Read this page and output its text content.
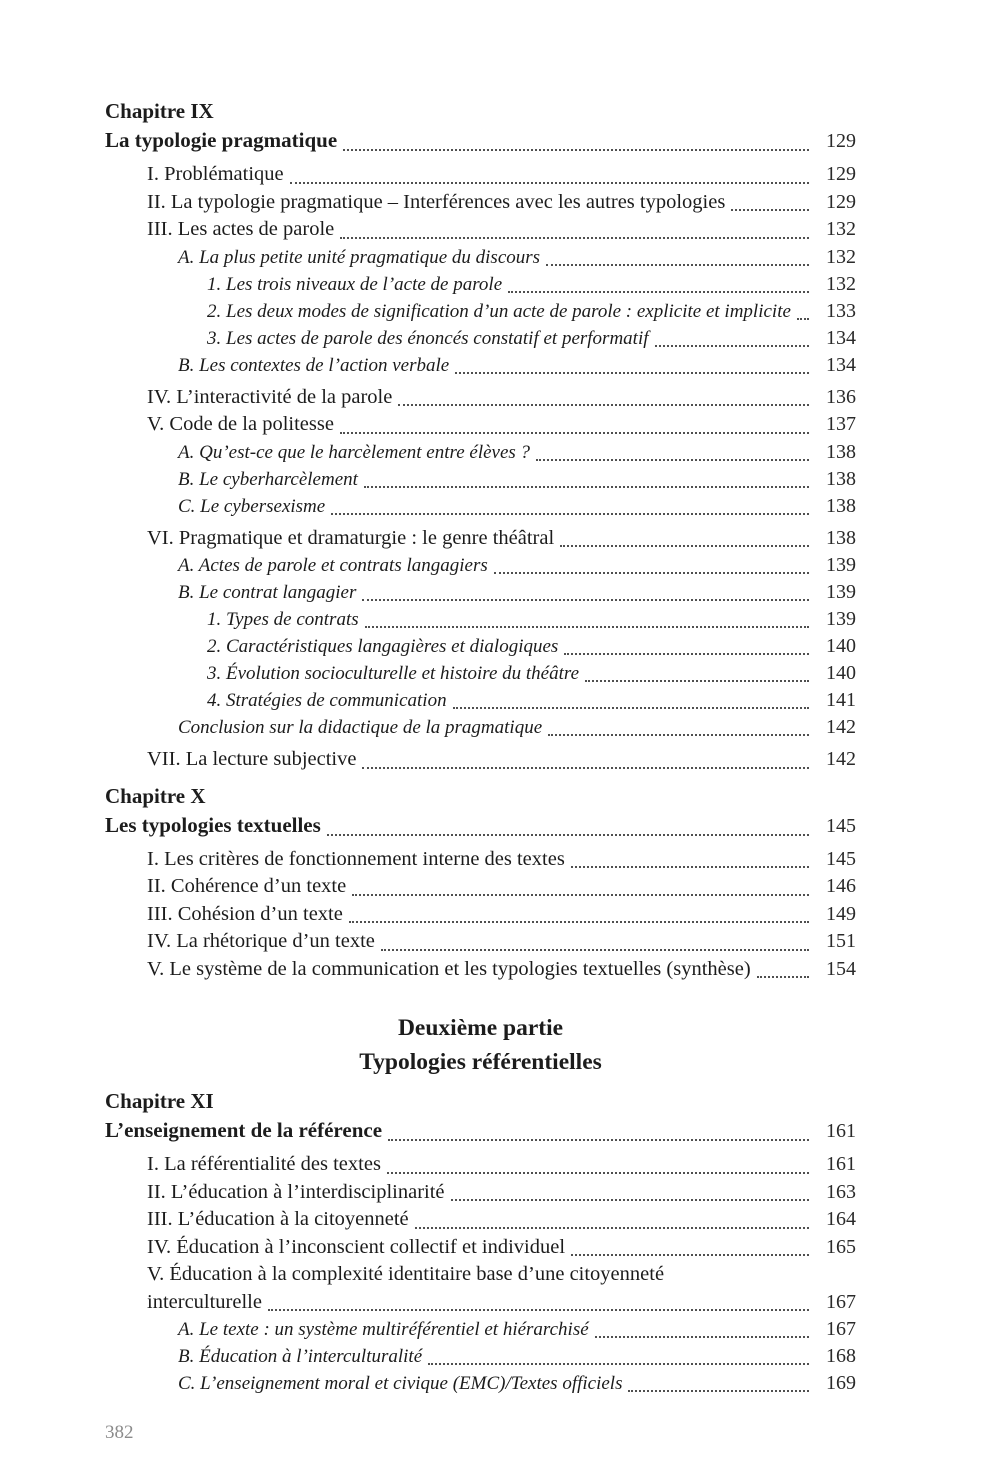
Chapitre IX
La typologie pragmatique	129
I. Problématique	129
II. La typologie pragmatique – Interférences avec les autres typologies	129
III. Les actes de parole	132
A. La plus petite unité pragmatique du discours	132
1. Les trois niveaux de l’acte de parole	132
2. Les deux modes de signification d’un acte de parole : explicite et implicite	133
3. Les actes de parole des énoncés constatif et performatif	134
B. Les contextes de l’action verbale	134
IV. L’interactivité de la parole	136
V. Code de la politesse	137
A. Qu’est-ce que le harcèlement entre élèves ?	138
B. Le cyberharcèlement	138
C. Le cybersexisme	138
VI. Pragmatique et dramaturgie : le genre théâtral	138
A. Actes de parole et contrats langagiers	139
B. Le contrat langagier	139
1. Types de contrats	139
2. Caractéristiques langagières et dialogiques	140
3. Évolution socioculturelle et histoire du théâtre	140
4. Stratégies de communication	141
Conclusion sur la didactique de la pragmatique	142
VII. La lecture subjective	142
Chapitre X
Les typologies textuelles	145
I. Les critères de fonctionnement interne des textes	145
II. Cohérence d’un texte	146
III. Cohésion d’un texte	149
IV. La rhétorique d’un texte	151
V. Le système de la communication et les typologies textuelles (synthèse)	154
Deuxième partie
Typologies référentielles
Chapitre XI
L’enseignement de la référence	161
I. La référentialité des textes	161
II. L’éducation à l’interdisciplinarité	163
III. L’éducation à la citoyenneté	164
IV. Éducation à l’inconscient collectif et individuel	165
V. Éducation à la complexité identitaire base d’une citoyenneté
interculturelle	167
A. Le texte : un système multiréférentiel et hiérarchisé	167
B. Éducation à l’interculturalité	168
C. L’enseignement moral et civique (EMC)/Textes officiels	169
382
